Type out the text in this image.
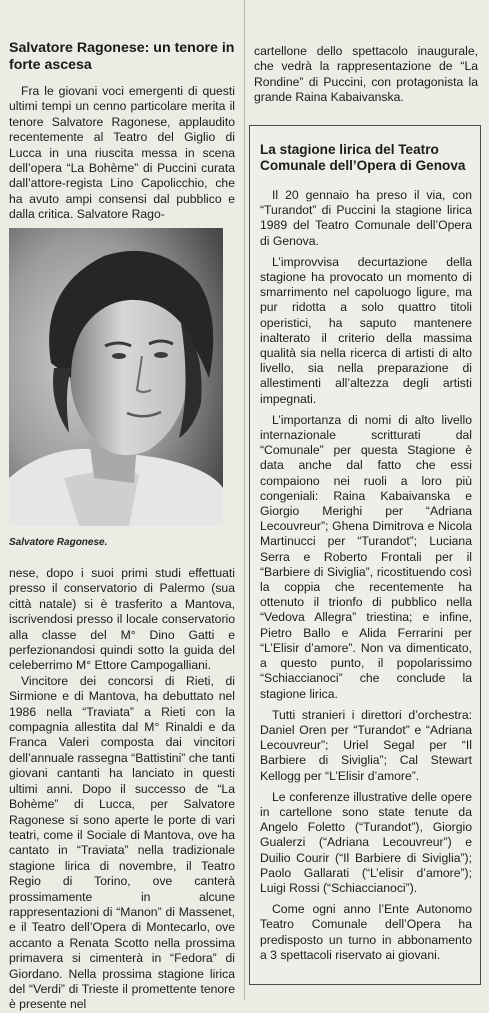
Salvatore Ragonese: un tenore in forte ascesa

Fra le giovani voci emergenti di questi ultimi tempi un cenno particolare merita il tenore Salvatore Ragonese, applaudito recentemente al Teatro del Giglio di Lucca in una riuscita messa in scena dell’opera “La Bohème” di Puccini curata dall’attore-regista Lino Capolicchio, che ha avuto ampi consensi dal pubblico e dalla critica. Salvatore Rago-

Salvatore Ragonese.

nese, dopo i suoi primi studi effettuati presso il conservatorio di Palermo (sua città natale) si è trasferito a Mantova, iscrivendosi presso il locale conservatorio alla classe del M° Dino Gatti e perfezionandosi quindi sotto la guida del celeberrimo M° Ettore Campogalliani.

Vincitore dei concorsi di Rieti, di Sirmione e di Mantova, ha debuttato nel 1986 nella “Traviata” a Rieti con la compagnia allestita dal M° Rinaldi e da Franca Valeri composta dai vincitori dell’annuale rassegna “Battistini” che tanti giovani cantanti ha lanciato in questi ultimi anni. Dopo il successo de “La Bohème” di Lucca, per Salvatore Ragonese si sono aperte le porte di vari teatri, come il Sociale di Mantova, ove ha cantato in “Traviata” nella tradizionale stagione lirica di novembre, il Teatro Regio di Torino, ove canterà prossimamente in alcune rappresentazioni di “Manon” di Massenet, e il Teatro dell’Opera di Montecarlo, ove accanto a Renata Scotto nella prossima primavera si cimenterà in “Fedora” di Giordano. Nella prossima stagione lirica del “Verdi” di Trieste il promettente tenore è presente nel

cartellone dello spettacolo inaugurale, che vedrà la rappresentazione de “La Rondine” di Puccini, con protagonista la grande Raina Kabaivanska.

La stagione lirica del Teatro Comunale dell’Opera di Genova

Il 20 gennaio ha preso il via, con “Turandot” di Puccini la stagione lirica 1989 del Teatro Comunale dell’Opera di Genova.

L’improvvisa decurtazione della stagione ha provocato un momento di smarrimento nel capoluogo ligure, ma pur ridotta a solo quattro titoli operistici, ha saputo mantenere inalterato il criterio della massima qualità sia nella ricerca di artisti di alto livello, sia nella preparazione di allestimenti all’altezza degli artisti impegnati.

L’importanza di nomi di alto livello internazionale scritturati dal “Comunale” per questa Stagione è data anche dal fatto che essi compaiono nei ruoli a loro più congeniali: Raina Kabaivanska e Giorgio Merighi per “Adriana Lecouvreur”; Ghena Dimitrova e Nicola Martinucci per “Turandot”; Luciana Serra e Roberto Frontali per il “Barbiere di Siviglia”, ricostituendo così la coppia che recentemente ha ottenuto il trionfo di pubblico nella “Vedova Allegra” triestina; e infine, Pietro Ballo e Alida Ferrarini per “L’Elisir d’amore”. Non va dimenticato, a questo punto, il popolarissimo “Schiaccianoci” che conclude la stagione lirica.

Tutti stranieri i direttori d’orchestra: Daniel Oren per “Turandot” e “Adriana Lecouvreur”; Uriel Segal per “Il Barbiere di Siviglia”; Cal Stewart Kellogg per “L’Elisir d’amore”.

Le conferenze illustrative delle opere in cartellone sono state tenute da Angelo Foletto (“Turandot”), Giorgio Gualerzi (“Adriana Lecouvreur”) e Duilio Courir (“Il Barbiere di Siviglia”); Paolo Gallarati (“L’elisir d’amore”); Luigi Rossi (“Schiaccianoci”).

Come ogni anno l’Ente Autonomo Teatro Comunale dell’Opera ha predisposto un turno in abbonamento a 3 spettacoli riservato ai giovani.
